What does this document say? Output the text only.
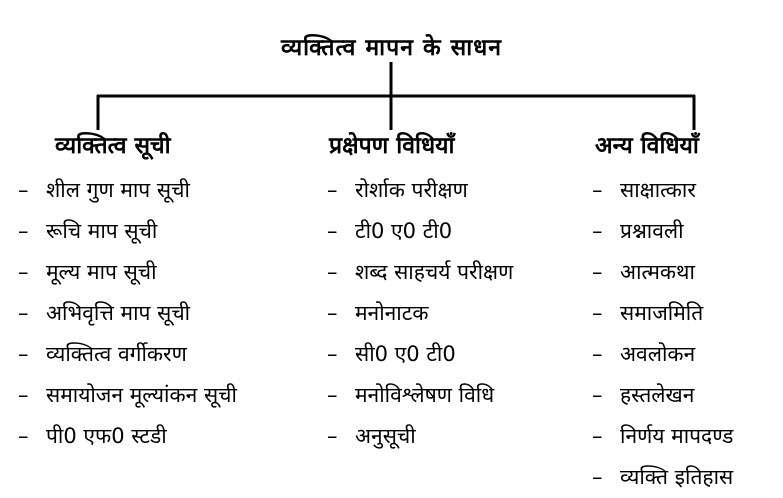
व्यक्तित्व मापन के साधन
व्यक्तित्व सूची
– शील गुण माप सूची
– रूचि माप सूची
– मूल्य माप सूची
– अभिवृत्ति माप सूची
– व्यक्तित्व वर्गीकरण
– समायोजन मूल्यांकन सूची
– पी0 एफ0 स्टडी
प्रक्षेपण विधियाँ
– रोर्शाक परीक्षण
– टी0 ए0 टी0
– शब्द साहचर्य परीक्षण
– मनोनाटक
– सी0 ए0 टी0
– मनोविश्लेषण विधि
– अनुसूची
अन्य विधियाँ
– साक्षात्कार
– प्रश्नावली
– आत्मकथा
– समाजमिति
– अवलोकन
– हस्तलेखन
– निर्णय मापदण्ड
– व्यक्ति इतिहास
